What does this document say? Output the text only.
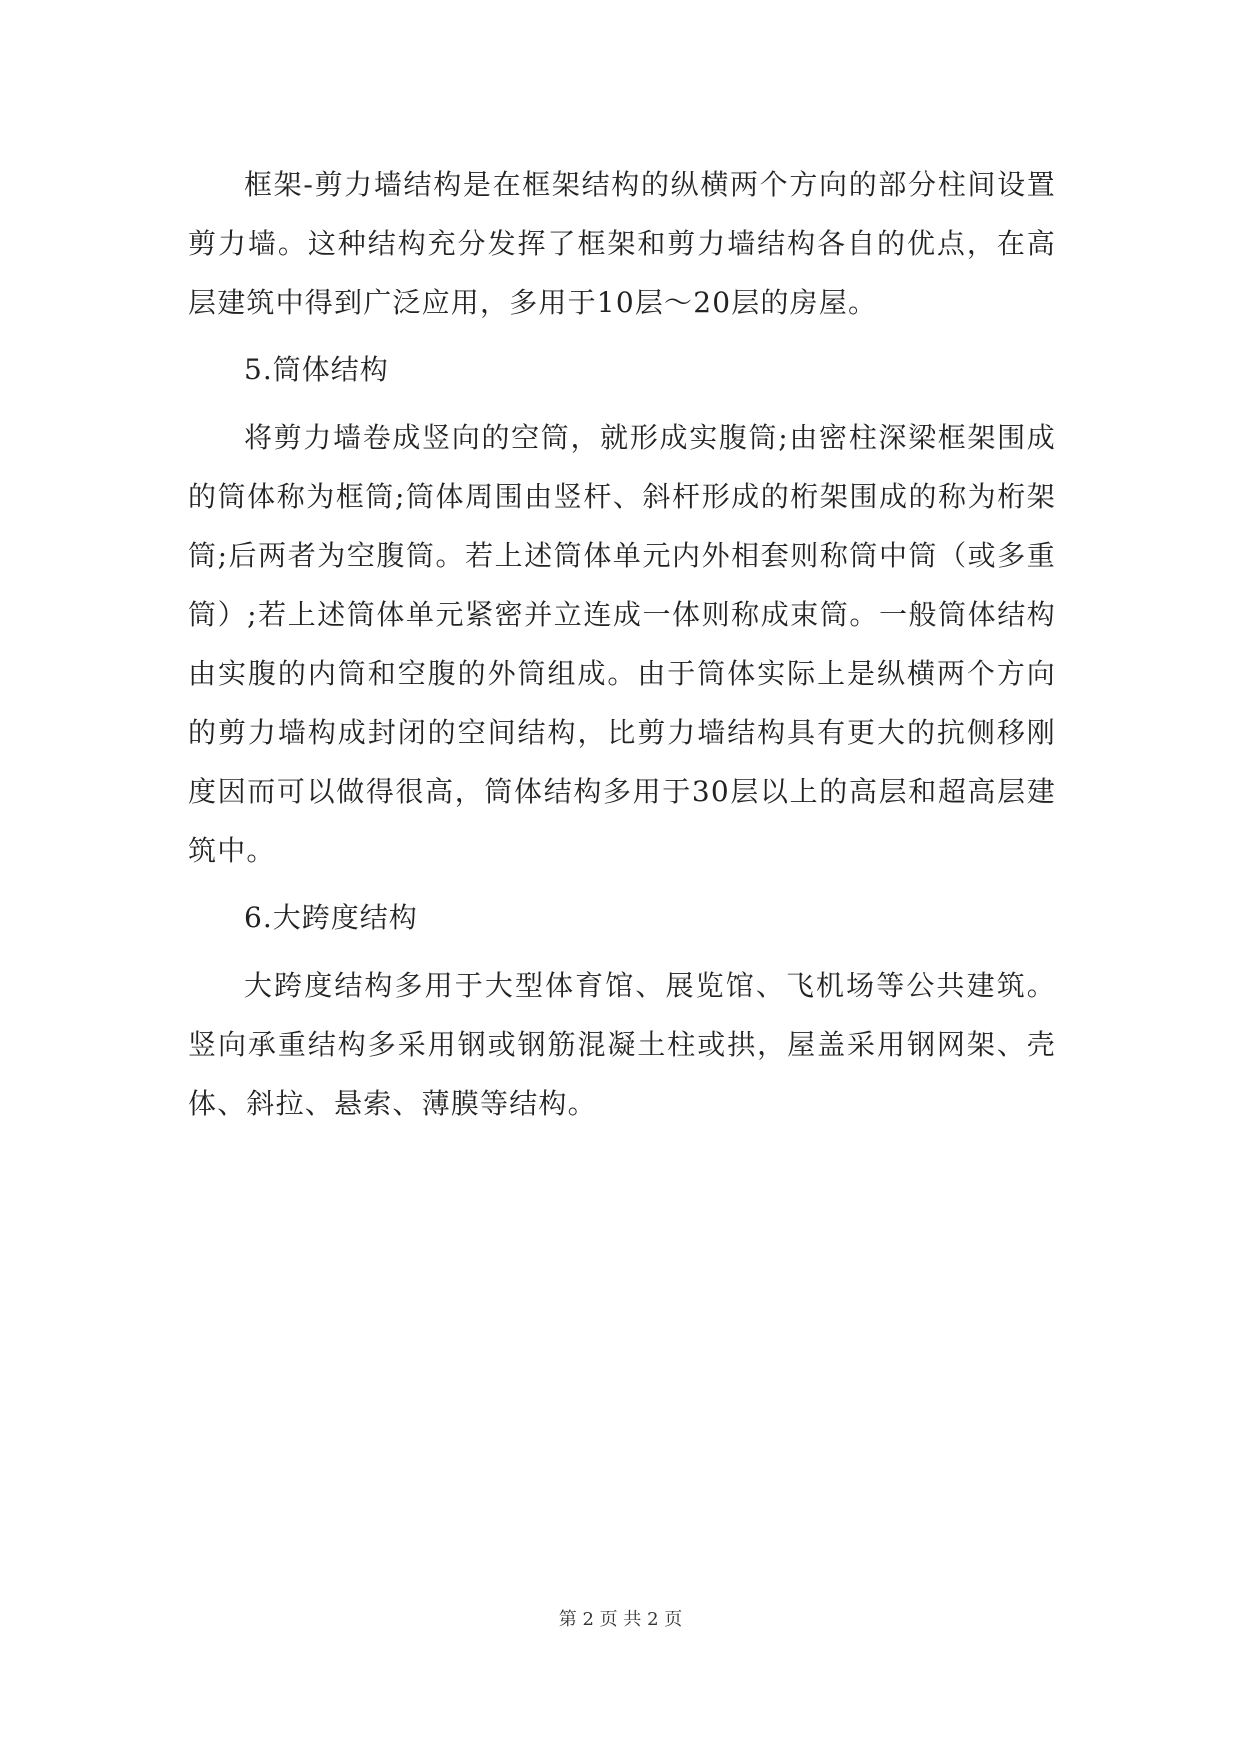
框架-剪力墙结构是在框架结构的纵横两个方向的部分柱间设置剪力墙。这种结构充分发挥了框架和剪力墙结构各自的优点，在高层建筑中得到广泛应用，多用于10层～20层的房屋。

5.筒体结构

将剪力墙卷成竖向的空筒，就形成实腹筒;由密柱深梁框架围成的筒体称为框筒;筒体周围由竖杆、斜杆形成的桁架围成的称为桁架筒;后两者为空腹筒。若上述筒体单元内外相套则称筒中筒（或多重筒）;若上述筒体单元紧密并立连成一体则称成束筒。一般筒体结构由实腹的内筒和空腹的外筒组成。由于筒体实际上是纵横两个方向的剪力墙构成封闭的空间结构，比剪力墙结构具有更大的抗侧移刚度因而可以做得很高，筒体结构多用于30层以上的高层和超高层建筑中。

6.大跨度结构

大跨度结构多用于大型体育馆、展览馆、飞机场等公共建筑。竖向承重结构多采用钢或钢筋混凝土柱或拱，屋盖采用钢网架、壳体、斜拉、悬索、薄膜等结构。

第 2 页 共 2 页
